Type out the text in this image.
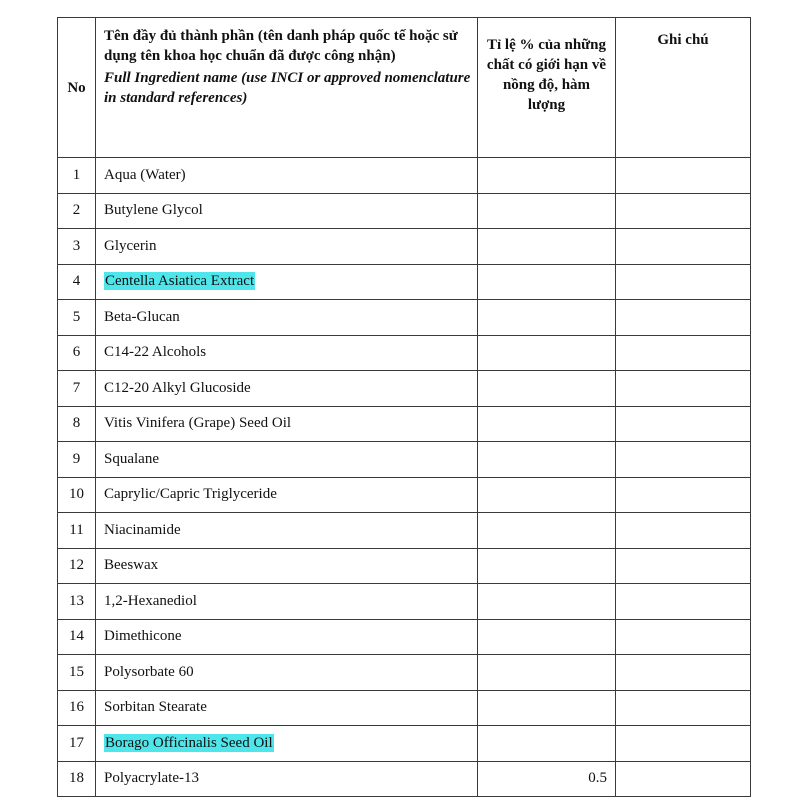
No	Tên đầy đủ thành phần (tên danh pháp quốc tế hoặc sử dụng tên khoa học chuẩn đã được công nhận)
Full Ingredient name (use INCI or approved nomenclature in standard references)	Tỉ lệ % của những chất có giới hạn về nồng độ, hàm lượng	Ghi chú
1	Aqua (Water)		
2	Butylene Glycol		
3	Glycerin		
4	Centella Asiatica Extract		
5	Beta-Glucan		
6	C14-22 Alcohols		
7	C12-20 Alkyl Glucoside		
8	Vitis Vinifera (Grape) Seed Oil		
9	Squalane		
10	Caprylic/Capric Triglyceride		
11	Niacinamide		
12	Beeswax		
13	1,2-Hexanediol		
14	Dimethicone		
15	Polysorbate 60		
16	Sorbitan Stearate		
17	Borago Officinalis Seed Oil		
18	Polyacrylate-13	0.5	
